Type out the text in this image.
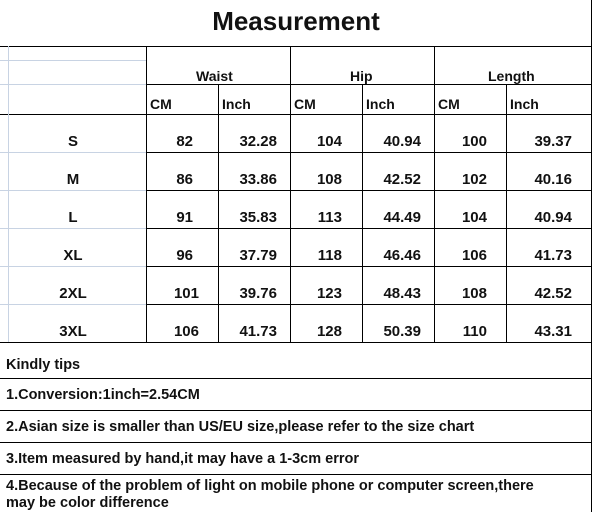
Measurement
Waist	Hip	Length
CM	Inch	CM	Inch	CM	Inch
S	82	32.28	104	40.94	100	39.37
M	86	33.86	108	42.52	102	40.16
L	91	35.83	113	44.49	104	40.94
XL	96	37.79	118	46.46	106	41.73
2XL	101	39.76	123	48.43	108	42.52
3XL	106	41.73	128	50.39	110	43.31
Kindly tips
1.Conversion:1inch=2.54CM
2.Asian size is smaller than US/EU size,please refer to the size chart
3.Item measured by hand,it may have a 1-3cm error
4.Because of the problem of light on mobile phone or computer screen,there
may be color difference
